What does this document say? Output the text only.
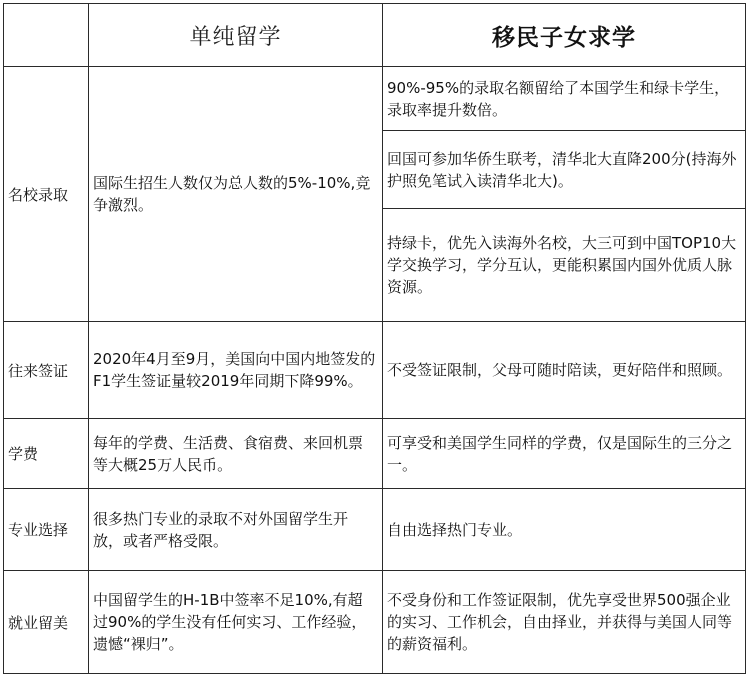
	单纯留学	移民子女求学
名校录取	国际生招生人数仅为总人数的5%-10%,竞争激烈。	90%-95%的录取名额留给了本国学生和绿卡学生，录取率提升数倍。
		回国可参加华侨生联考，清华北大直降200分(持海外护照免笔试入读清华北大)。
		持绿卡，优先入读海外名校，大三可到中国TOP10大学交换学习，学分互认，更能积累国内国外优质人脉资源。
往来签证	2020年4月至9月，美国向中国内地签发的F1学生签证量较2019年同期下降99%。	不受签证限制，父母可随时陪读，更好陪伴和照顾。
学费	每年的学费、生活费、食宿费、来回机票等大概25万人民币。	可享受和美国学生同样的学费，仅是国际生的三分之一。
专业选择	很多热门专业的录取不对外国留学生开放，或者严格受限。	自由选择热门专业。
就业留美	中国留学生的H-1B中签率不足10%,有超过90%的学生没有任何实习、工作经验，遗憾“裸归”。	不受身份和工作签证限制，优先享受世界500强企业的实习、工作机会，自由择业，并获得与美国人同等的薪资福利。
